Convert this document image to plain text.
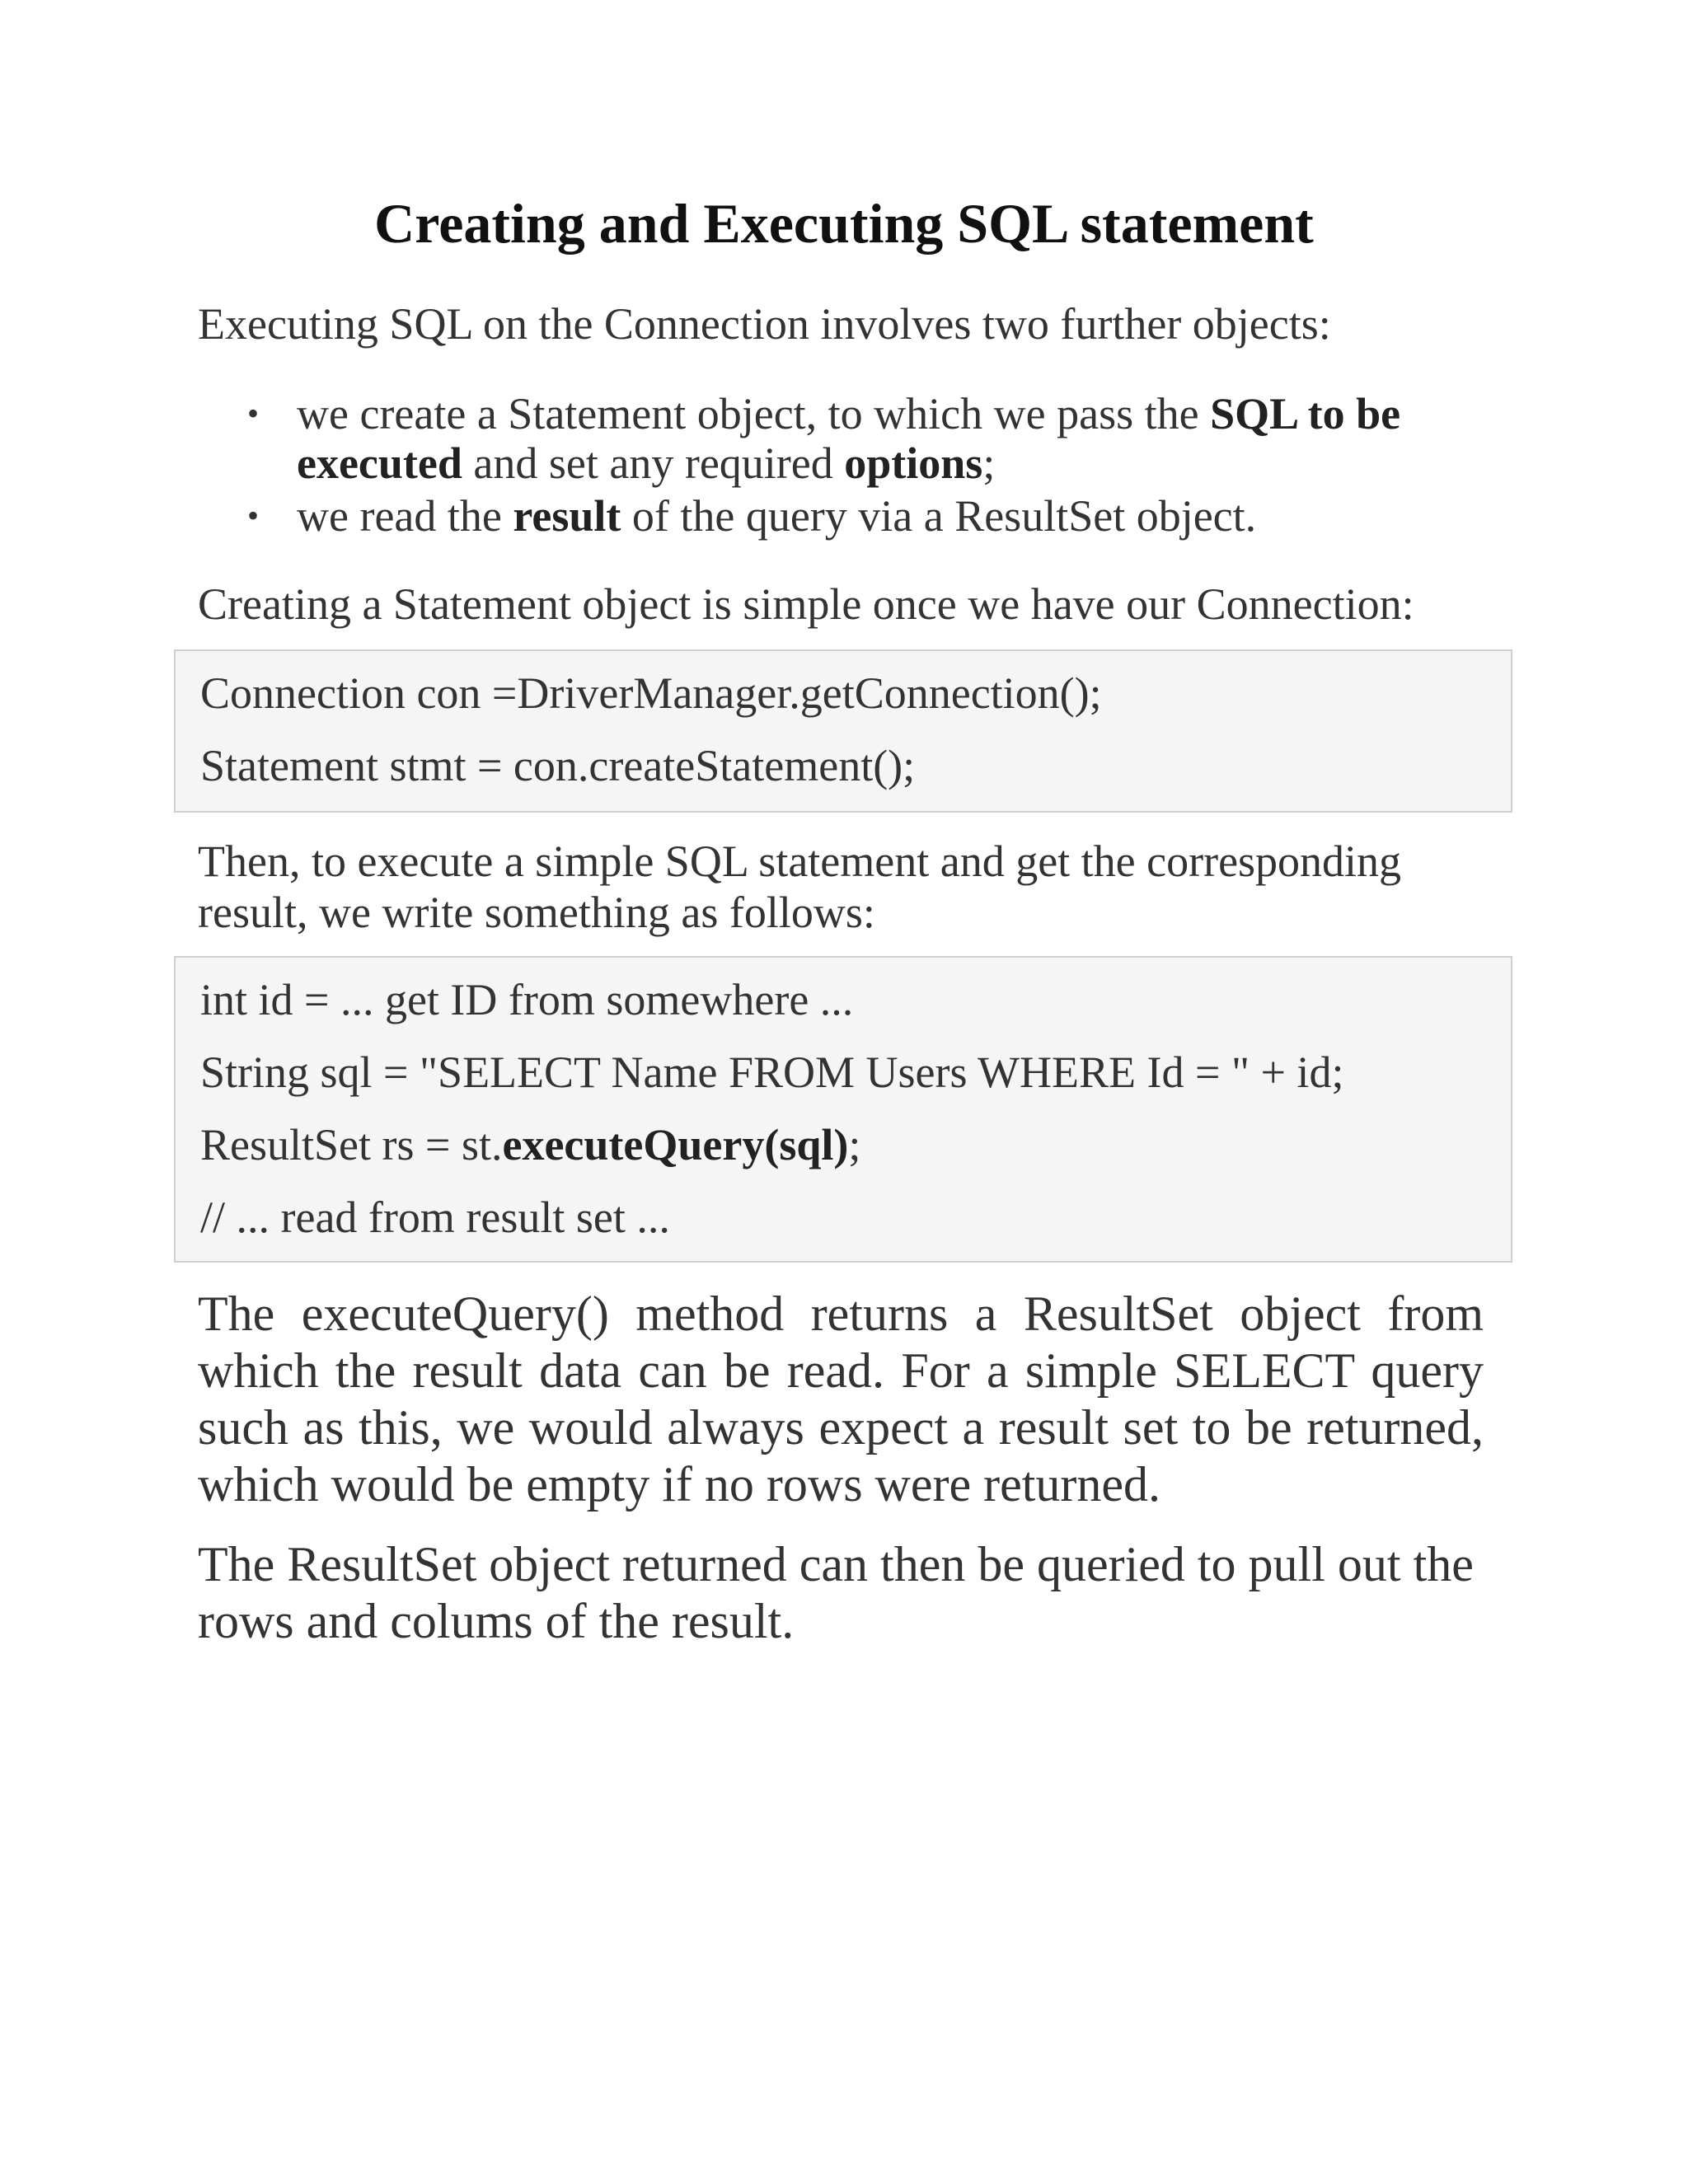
Creating and Executing SQL statement

Executing SQL on the Connection involves two further objects:

• we create a Statement object, to which we pass the SQL to be executed and set any required options;
• we read the result of the query via a ResultSet object.

Creating a Statement object is simple once we have our Connection:

Connection con =DriverManager.getConnection();

Statement stmt = con.createStatement();

Then, to execute a simple SQL statement and get the corresponding result, we write something as follows:

int id = ... get ID from somewhere ...

String sql = "SELECT Name FROM Users WHERE Id = " + id;

ResultSet rs = st.executeQuery(sql);

// ... read from result set ...

The executeQuery() method returns a ResultSet object from which the result data can be read. For a simple SELECT query such as this, we would always expect a result set to be returned, which would be empty if no rows were returned.

The ResultSet object returned can then be queried to pull out the rows and colums of the result.
